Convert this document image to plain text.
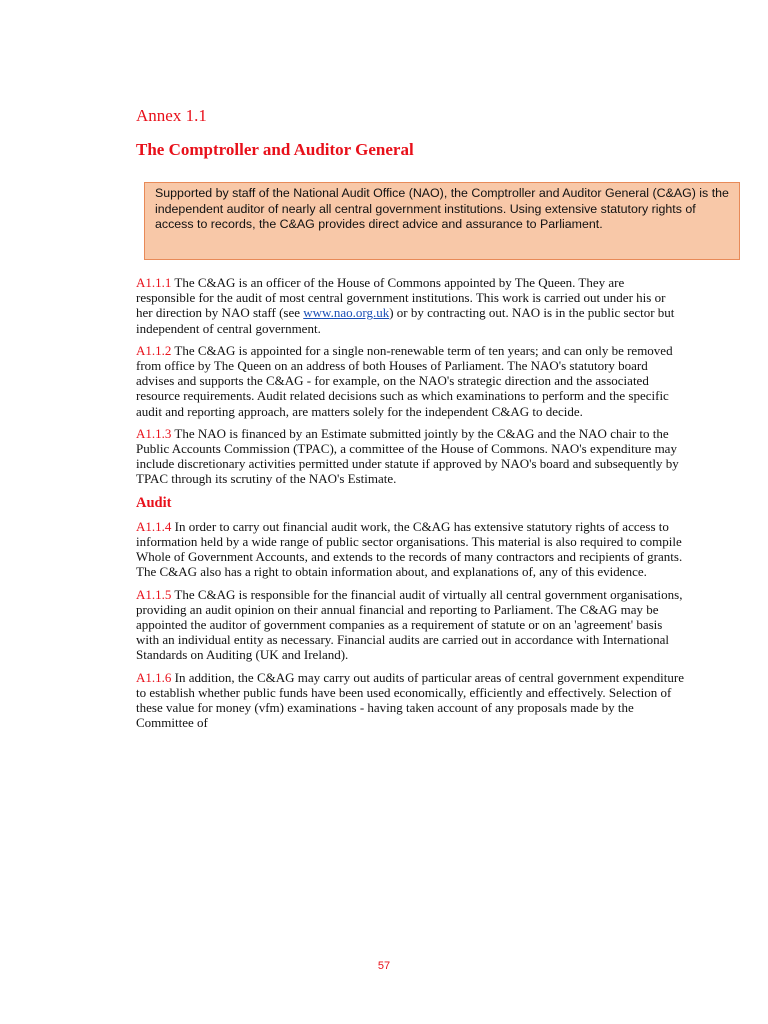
Annex 1.1
The Comptroller and Auditor General
Supported by staff of the National Audit Office (NAO), the Comptroller and Auditor General (C&AG) is the independent auditor of nearly all central government institutions. Using extensive statutory rights of access to records, the C&AG provides direct advice and assurance to Parliament.

A1.1.1 The C&AG is an officer of the House of Commons appointed by The Queen. They are responsible for the audit of most central government institutions. This work is carried out under his or her direction by NAO staff (see www.nao.org.uk) or by contracting out. NAO is in the public sector but independent of central government.

A1.1.2 The C&AG is appointed for a single non-renewable term of ten years; and can only be removed from office by The Queen on an address of both Houses of Parliament. The NAO's statutory board advises and supports the C&AG - for example, on the NAO's strategic direction and the associated resource requirements. Audit related decisions such as which examinations to perform and the specific audit and reporting approach, are matters solely for the independent C&AG to decide.

A1.1.3 The NAO is financed by an Estimate submitted jointly by the C&AG and the NAO chair to the Public Accounts Commission (TPAC), a committee of the House of Commons. NAO's expenditure may include discretionary activities permitted under statute if approved by NAO's board and subsequently by TPAC through its scrutiny of the NAO's Estimate.

Audit

A1.1.4 In order to carry out financial audit work, the C&AG has extensive statutory rights of access to information held by a wide range of public sector organisations. This material is also required to compile Whole of Government Accounts, and extends to the records of many contractors and recipients of grants. The C&AG also has a right to obtain information about, and explanations of, any of this evidence.

A1.1.5 The C&AG is responsible for the financial audit of virtually all central government organisations, providing an audit opinion on their annual financial and reporting to Parliament. The C&AG may be appointed the auditor of government companies as a requirement of statute or on an 'agreement' basis with an individual entity as necessary. Financial audits are carried out in accordance with International Standards on Auditing (UK and Ireland).

A1.1.6 In addition, the C&AG may carry out audits of particular areas of central government expenditure to establish whether public funds have been used economically, efficiently and effectively. Selection of these value for money (vfm) examinations - having taken account of any proposals made by the Committee of

57
